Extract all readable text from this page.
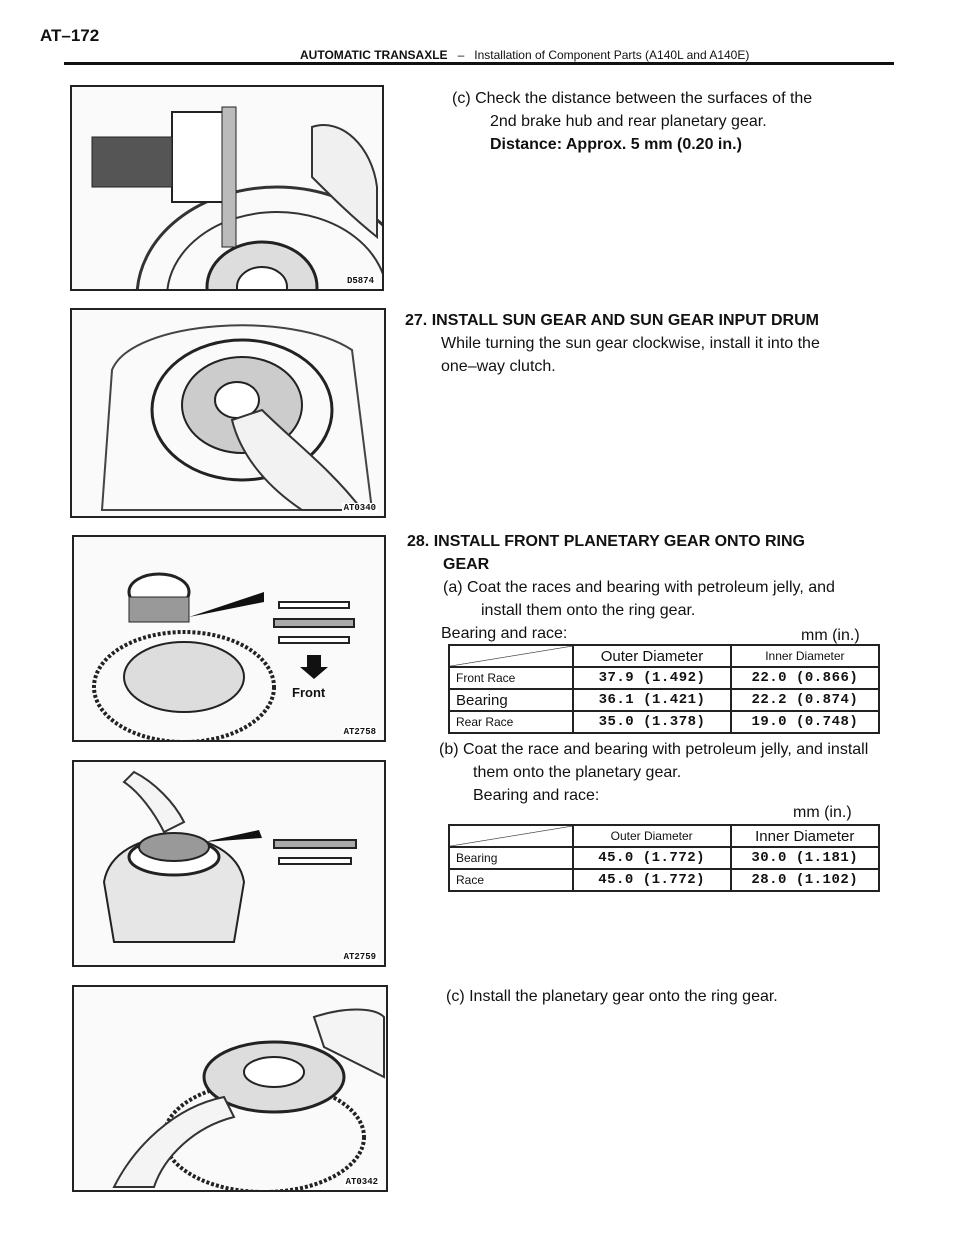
AT–172
AUTOMATIC TRANSAXLE – Installation of Component Parts (A140L and A140E)
D5874
(c) Check the distance between the surfaces of the
2nd brake hub and rear planetary gear.
Distance: Approx. 5 mm (0.20 in.)
AT0340
27. INSTALL SUN GEAR AND SUN GEAR INPUT DRUM
While turning the sun gear clockwise, install it into the
one–way clutch.
Front
AT2758
28. INSTALL FRONT PLANETARY GEAR ONTO RING
GEAR
(a) Coat the races and bearing with petroleum jelly, and
install them onto the ring gear.
Bearing and race:	mm (in.)
	Outer Diameter	Inner Diameter
Front Race	37.9 (1.492)	22.0 (0.866)
Bearing	36.1 (1.421)	22.2 (0.874)
Rear Race	35.0 (1.378)	19.0 (0.748)
(b) Coat the race and bearing with petroleum jelly, and install
them onto the planetary gear.
Bearing and race:
mm (in.)
AT2759
	Outer Diameter	Inner Diameter
Bearing	45.0 (1.772)	30.0 (1.181)
Race	45.0 (1.772)	28.0 (1.102)
AT0342
(c) Install the planetary gear onto the ring gear.
